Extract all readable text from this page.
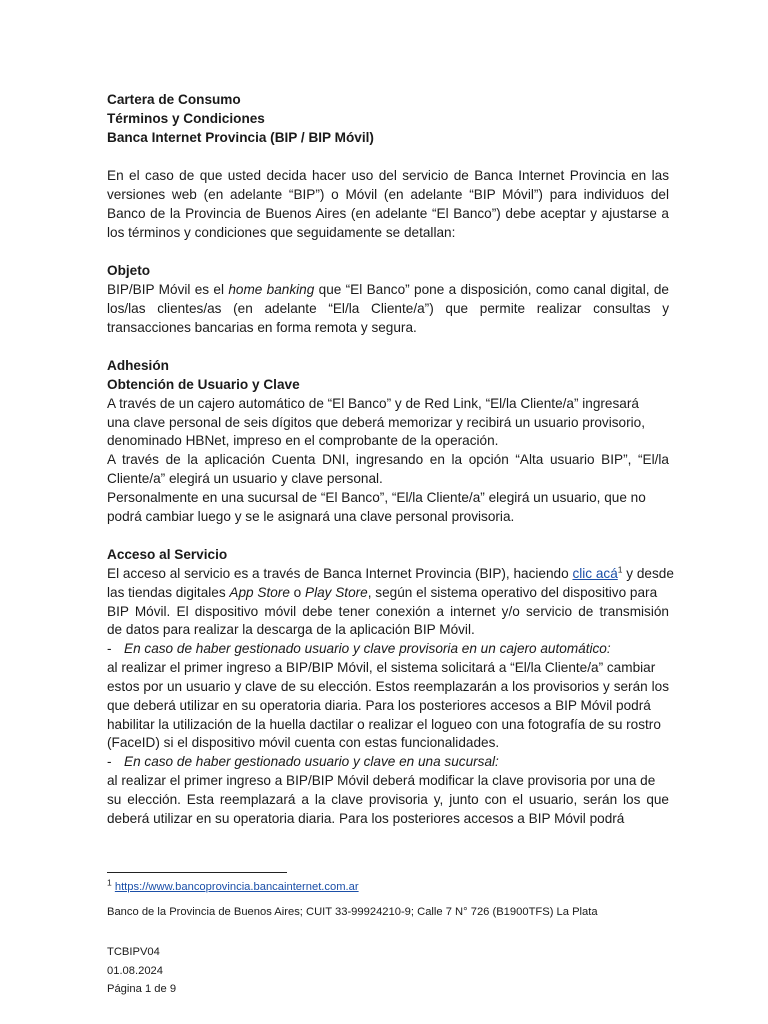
Cartera de Consumo
Términos y Condiciones
Banca Internet Provincia (BIP / BIP Móvil)
En el caso de que usted decida hacer uso del servicio de Banca Internet Provincia en las
versiones web (en adelante “BIP”) o Móvil (en adelante “BIP Móvil”) para individuos del
Banco de la Provincia de Buenos Aires (en adelante “El Banco”) debe aceptar y ajustarse a
los términos y condiciones que seguidamente se detallan:
Objeto
BIP/BIP Móvil es el home banking que “El Banco” pone a disposición, como canal digital, de
los/las clientes/as (en adelante “El/la Cliente/a”) que permite realizar consultas y
transacciones bancarias en forma remota y segura.
Adhesión
Obtención de Usuario y Clave
A través de un cajero automático de “El Banco” y de Red Link, “El/la Cliente/a” ingresará
una clave personal de seis dígitos que deberá memorizar y recibirá un usuario provisorio,
denominado HBNet, impreso en el comprobante de la operación.
A través de la aplicación Cuenta DNI, ingresando en la opción “Alta usuario BIP”, “El/la
Cliente/a” elegirá un usuario y clave personal.
Personalmente en una sucursal de “El Banco”, “El/la Cliente/a” elegirá un usuario, que no
podrá cambiar luego y se le asignará una clave personal provisoria.
Acceso al Servicio
El acceso al servicio es a través de Banca Internet Provincia (BIP), haciendo clic acá$^1$ y desde
las tiendas digitales App Store o Play Store, según el sistema operativo del dispositivo para
BIP Móvil. El dispositivo móvil debe tener conexión a internet y/o servicio de transmisión
de datos para realizar la descarga de la aplicación BIP Móvil.
- En caso de haber gestionado usuario y clave provisoria en un cajero automático:
al realizar el primer ingreso a BIP/BIP Móvil, el sistema solicitará a “El/la Cliente/a” cambiar
estos por un usuario y clave de su elección. Estos reemplazarán a los provisorios y serán los
que deberá utilizar en su operatoria diaria. Para los posteriores accesos a BIP Móvil podrá
habilitar la utilización de la huella dactilar o realizar el logueo con una fotografía de su rostro
(FaceID) si el dispositivo móvil cuenta con estas funcionalidades.
- En caso de haber gestionado usuario y clave en una sucursal:
al realizar el primer ingreso a BIP/BIP Móvil deberá modificar la clave provisoria por una de
su elección. Esta reemplazará a la clave provisoria y, junto con el usuario, serán los que
deberá utilizar en su operatoria diaria. Para los posteriores accesos a BIP Móvil podrá
$^1$ https://www.bancoprovincia.bancainternet.com.ar
Banco de la Provincia de Buenos Aires; CUIT 33-99924210-9; Calle 7 N° 726 (B1900TFS) La Plata
TCBIPV04
01.08.2024
Página 1 de 9
